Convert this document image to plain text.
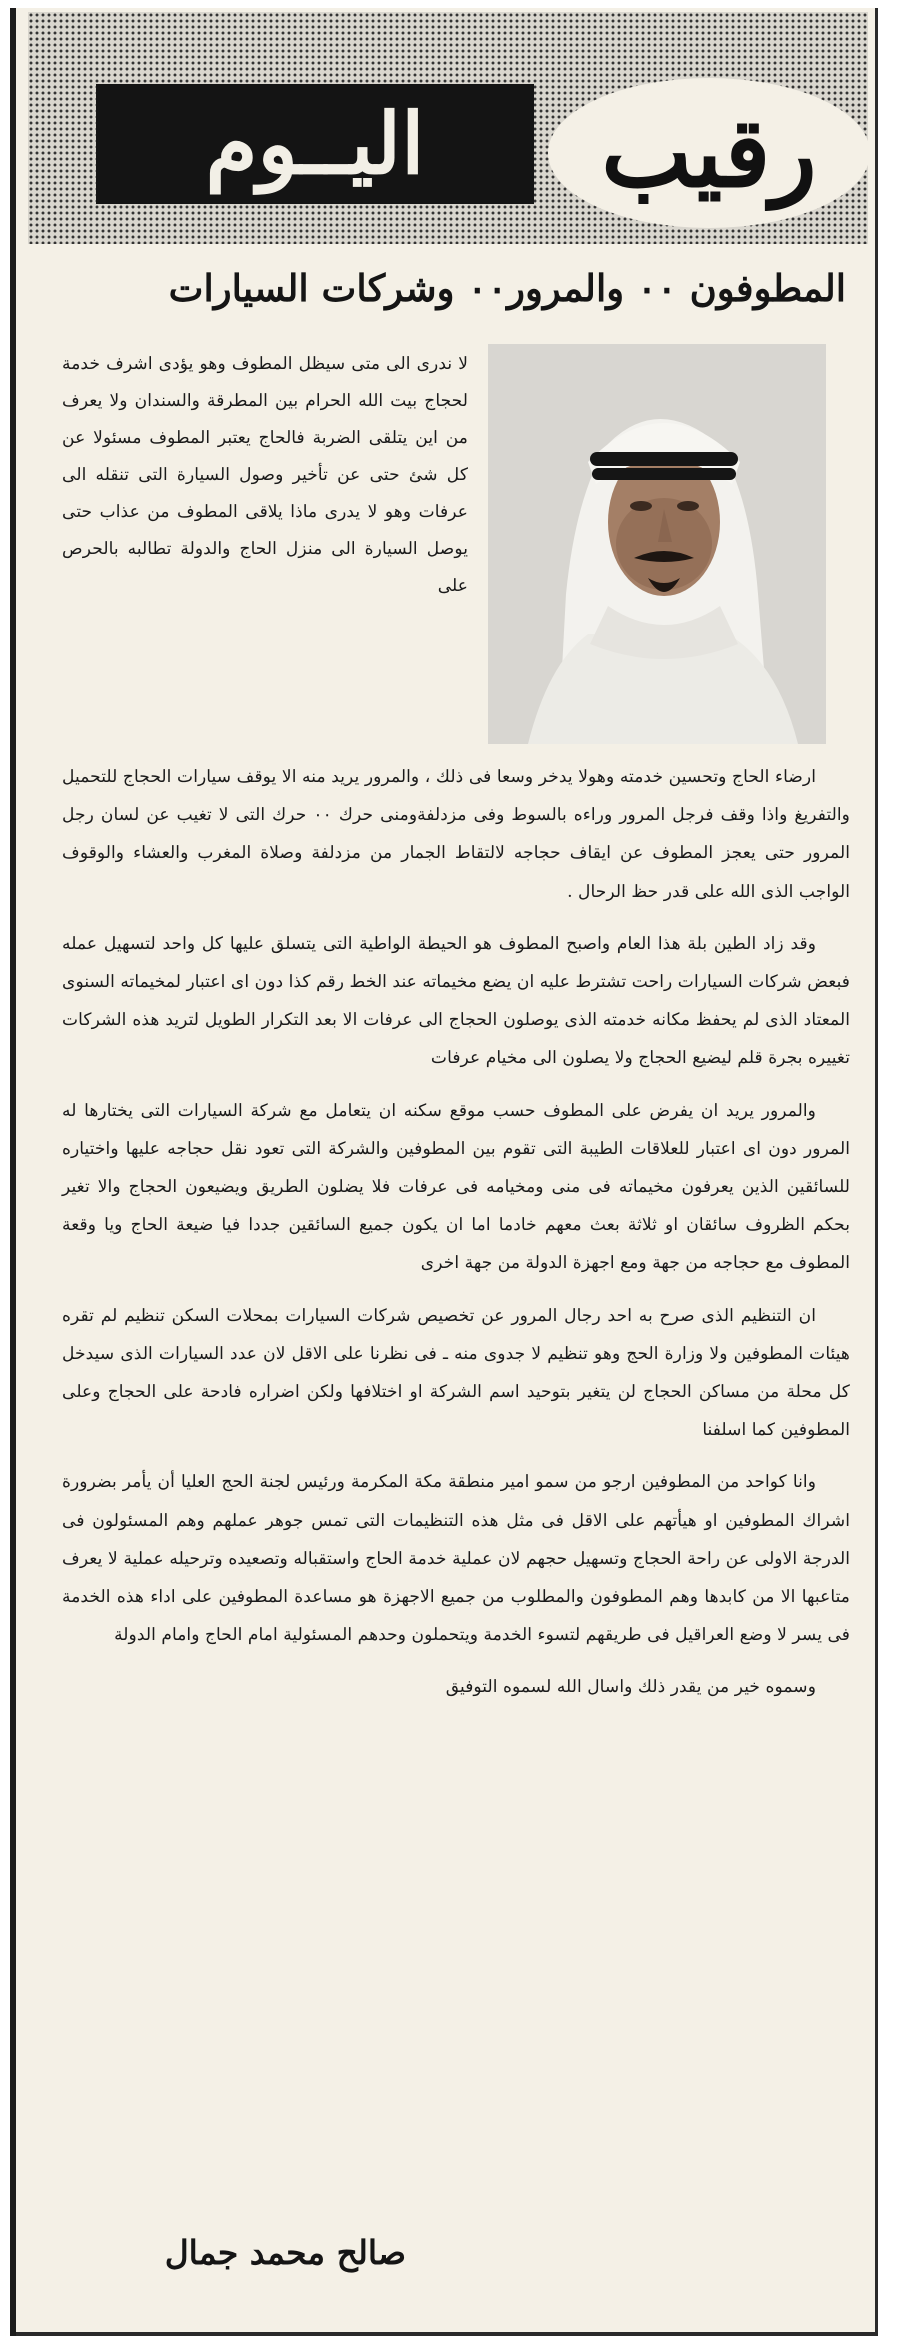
اليــوم رقيب
المطوفون ٠٠ والمرور٠٠ وشركات السيارات

لا ندرى الى متى سيظل المطوف وهو يؤدى اشرف خدمة لحجاج بيت الله الحرام بين المطرقة والسندان ولا يعرف من اين يتلقى الضربة فالحاج يعتبر المطوف مسئولا عن كل شئ حتى عن تأخير وصول السيارة التى تنقله الى عرفات وهو لا يدرى ماذا يلاقى المطوف من عذاب حتى يوصل السيارة الى منزل الحاج والدولة تطالبه بالحرص على

ارضاء الحاج وتحسين خدمته وهولا يدخر وسعا فى ذلك ، والمرور يريد منه الا يوقف سيارات الحجاج للتحميل والتفريغ واذا وقف فرجل المرور وراءه بالسوط وفى مزدلفةومنى حرك ٠٠ حرك التى لا تغيب عن لسان رجل المرور حتى يعجز المطوف عن ايقاف حجاجه لالتقاط الجمار من مزدلفة وصلاة المغرب والعشاء والوقوف الواجب الذى الله على قدر حظ الرحال .

وقد زاد الطين بلة هذا العام واصبح المطوف هو الحيطة الواطية التى يتسلق عليها كل واحد لتسهيل عمله فبعض شركات السيارات راحت تشترط عليه ان يضع مخيماته عند الخط رقم كذا دون اى اعتبار لمخيماته السنوى المعتاد الذى لم يحفظ مكانه خدمته الذى يوصلون الحجاج الى عرفات الا بعد التكرار الطويل لتريد هذه الشركات تغييره بجرة قلم ليضيع الحجاج ولا يصلون الى مخيام عرفات

والمرور يريد ان يفرض على المطوف حسب موقع سكنه ان يتعامل مع شركة السيارات التى يختارها له المرور دون اى اعتبار للعلاقات الطيبة التى تقوم بين المطوفين والشركة التى تعود نقل حجاجه عليها واختياره للسائقين الذين يعرفون مخيماته فى منى ومخيامه فى عرفات فلا يضلون الطريق ويضيعون الحجاج والا تغير بحكم الظروف سائقان او ثلاثة بعث معهم خادما اما ان يكون جميع السائقين جددا فيا ضيعة الحاج ويا وقعة المطوف مع حجاجه من جهة ومع اجهزة الدولة من جهة اخرى

ان التنظيم الذى صرح به احد رجال المرور عن تخصيص شركات السيارات بمحلات السكن تنظيم لم تقره هيئات المطوفين ولا وزارة الحج وهو تنظيم لا جدوى منه ـ فى نظرنا على الاقل لان عدد السيارات الذى سيدخل كل محلة من مساكن الحجاج لن يتغير بتوحيد اسم الشركة او اختلافها ولكن اضراره فادحة على الحجاج وعلى المطوفين كما اسلفنا

وانا كواحد من المطوفين ارجو من سمو امير منطقة مكة المكرمة ورئيس لجنة الحج العليا أن يأمر بضرورة اشراك المطوفين او هيأتهم على الاقل فى مثل هذه التنظيمات التى تمس جوهر عملهم وهم المسئولون فى الدرجة الاولى عن راحة الحجاج وتسهيل حجهم لان عملية خدمة الحاج واستقباله وتصعيده وترحيله عملية لا يعرف متاعبها الا من كابدها وهم المطوفون والمطلوب من جميع الاجهزة هو مساعدة المطوفين على اداء هذه الخدمة فى يسر لا وضع العراقيل فى طريقهم لتسوء الخدمة ويتحملون وحدهم المسئولية امام الحاج وامام الدولة

وسموه خير من يقدر ذلك واسال الله لسموه التوفيق

صالح محمد جمال
